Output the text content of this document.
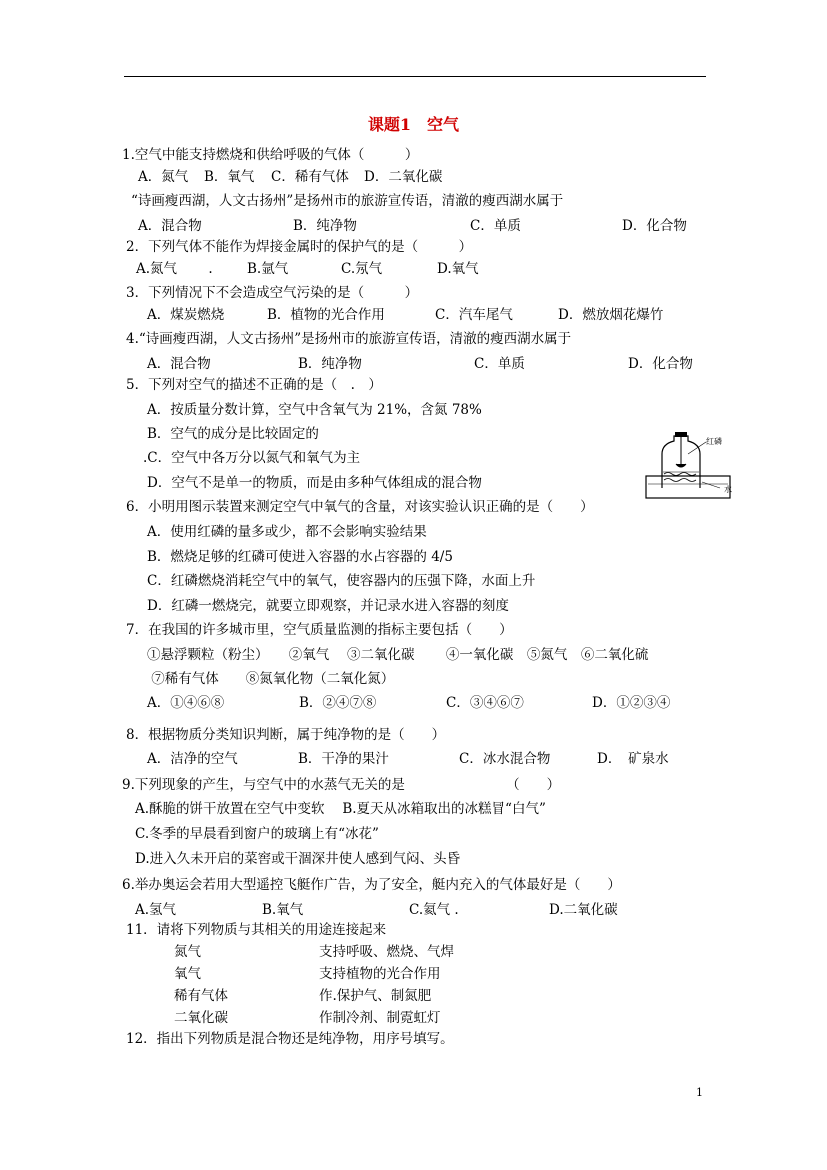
课题1　空气
1.空气中能支持燃烧和供给呼吸的气体（　　　）
“诗画瘦西湖，人文古扬州”是扬州市的旅游宣传语，清澈的瘦西湖水属于
2．下列气体不能作为焊接金属时的保护气的是（　　　）
3．下列情况下不会造成空气污染的是（　　　）
4.“诗画瘦西湖，人文古扬州”是扬州市的旅游宣传语，清澈的瘦西湖水属于
5．下列对空气的描述不正确的是（　.　）
A．按质量分数计算，空气中含氧气为 21%，含氮 78%
B．空气的成分是比较固定的
.C．空气中各万分以氮气和氧气为主
D．空气不是单一的物质，而是由多种气体组成的混合物
6．小明用图示装置来测定空气中氧气的含量，对该实验认识正确的是（　　）
A．使用红磷的量多或少，都不会影响实验结果
B．燃烧足够的红磷可使进入容器的水占容器的 4/5
C．红磷燃烧消耗空气中的氧气，使容器内的压强下降，水面上升
D．红磷一燃烧完，就要立即观察，并记录水进入容器的刻度
7．在我国的许多城市里，空气质量监测的指标主要包括（　　）
①悬浮颗粒（粉尘）　　②氧气　 ③二氧化碳　　 ④一氧化碳　⑤氮气　⑥二氧化硫
⑦稀有气体　　⑧氮氧化物（二氧化氮）
8．根据物质分类知识判断，属于纯净物的是（　　）
9.下列现象的产生，与空气中的水蒸气无关的是　　　　　　　　（　　）
A.酥脆的饼干放置在空气中变软　 B.夏天从冰箱取出的冰糕冒“白气”
C.冬季的早晨看到窗户的玻璃上有“冰花”
D.进入久未开启的菜窖或干涸深井使人感到气闷、头昏
6.举办奥运会若用大型遥控飞艇作广告，为了安全，艇内充入的气体最好是（　　）
11．请将下列物质与其相关的用途连接起来
12．指出下列物质是混合物还是纯净物，用序号填写。
A．氮气 B．氧气 C．稀有气体 D．二氧化碳
A．混合物	B．纯净物	C．单质	D．化合物
A.氮气　　 .	B.氩气	C.氖气	D.氧气
A．煤炭燃烧	B．植物的光合作用	C．汽车尾气	D．燃放烟花爆竹
A．混合物	B．纯净物	C．单质	D．化合物
A．①④⑥⑧	B．②④⑦⑧	C．③④⑥⑦	D．①②③④
A．洁净的空气	B．干净的果汁	C．冰水混合物	D．　矿泉水
A.氢气	B.氧气	C.氦气 .	D.二氧化碳
氮气	支持呼吸、燃烧、气焊
氧气	支持植物的光合作用
稀有气体	作.保护气、制氮肥
二氧化碳	作制冷剂、制霓虹灯
红磷
水
1
